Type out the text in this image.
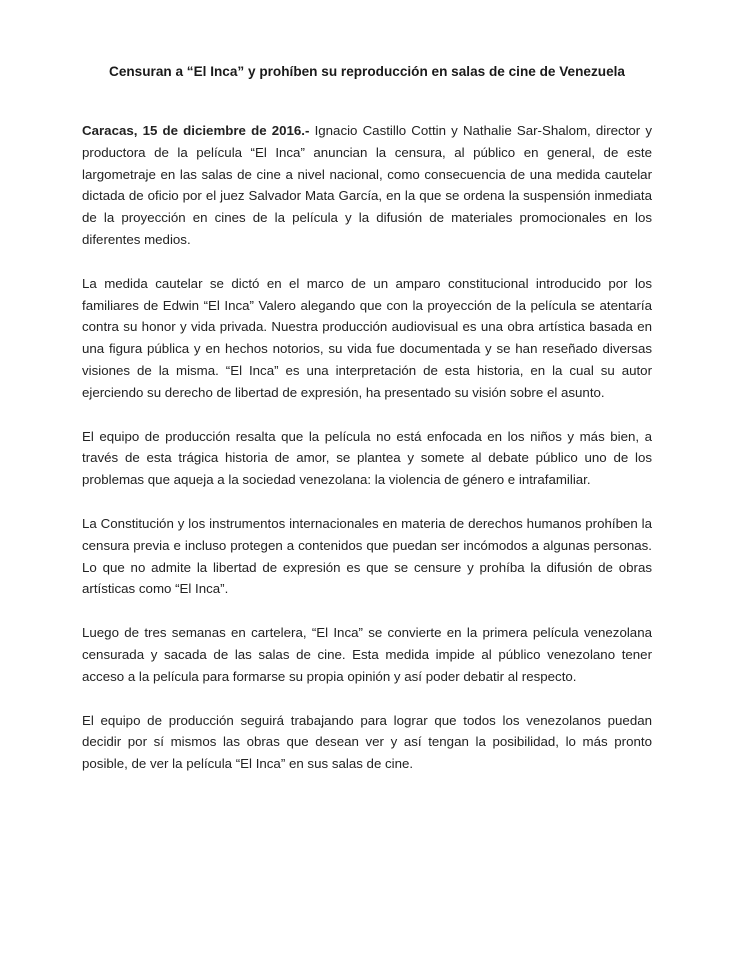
Censuran a “El Inca” y prohíben su reproducción en salas de cine de Venezuela

Caracas, 15 de diciembre de 2016.- Ignacio Castillo Cottin y Nathalie Sar-Shalom, director y productora de la película “El Inca” anuncian la censura, al público en general, de este largometraje en las salas de cine a nivel nacional, como consecuencia de una medida cautelar dictada de oficio por el juez Salvador Mata García, en la que se ordena la suspensión inmediata de la proyección en cines de la película y la difusión de materiales promocionales en los diferentes medios.

La medida cautelar se dictó en el marco de un amparo constitucional introducido por los familiares de Edwin “El Inca” Valero alegando que con la proyección de la película se atentaría contra su honor y vida privada. Nuestra producción audiovisual es una obra artística basada en una figura pública y en hechos notorios, su vida fue documentada y se han reseñado diversas visiones de la misma. “El Inca” es una interpretación de esta historia, en la cual su autor ejerciendo su derecho de libertad de expresión, ha presentado su visión sobre el asunto.

El equipo de producción resalta que la película no está enfocada en los niños y más bien, a través de esta trágica historia de amor, se plantea y somete al debate público uno de los problemas que aqueja a la sociedad venezolana: la violencia de género e intrafamiliar.

La Constitución y los instrumentos internacionales en materia de derechos humanos prohíben la censura previa e incluso protegen a contenidos que puedan ser incómodos a algunas personas. Lo que no admite la libertad de expresión es que se censure y prohíba la difusión de obras artísticas como “El Inca”.

Luego de tres semanas en cartelera, “El Inca” se convierte en la primera película venezolana censurada y sacada de las salas de cine. Esta medida impide al público venezolano tener acceso a la película para formarse su propia opinión y así poder debatir al respecto.

El equipo de producción seguirá trabajando para lograr que todos los venezolanos puedan decidir por sí mismos las obras que desean ver y así tengan la posibilidad, lo más pronto posible, de ver la película “El Inca” en sus salas de cine.
